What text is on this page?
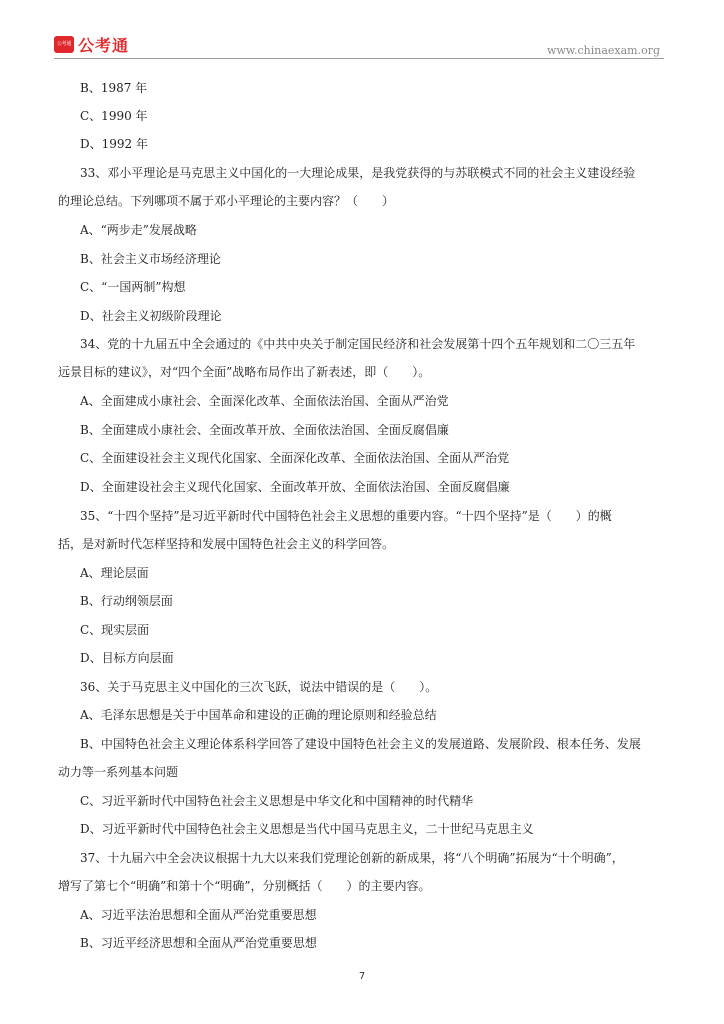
公考通 公考通	www.chinaexam.org
B、1987 年
C、1990 年
D、1992 年
33、邓小平理论是马克思主义中国化的一大理论成果，是我党获得的与苏联模式不同的社会主义建设经验
的理论总结。下列哪项不属于邓小平理论的主要内容？（　　）
A、“两步走”发展战略
B、社会主义市场经济理论
C、“一国两制”构想
D、社会主义初级阶段理论
34、党的十九届五中全会通过的《中共中央关于制定国民经济和社会发展第十四个五年规划和二〇三五年
远景目标的建议》，对“四个全面”战略布局作出了新表述，即（　　）。
A、全面建成小康社会、全面深化改革、全面依法治国、全面从严治党
B、全面建成小康社会、全面改革开放、全面依法治国、全面反腐倡廉
C、全面建设社会主义现代化国家、全面深化改革、全面依法治国、全面从严治党
D、全面建设社会主义现代化国家、全面改革开放、全面依法治国、全面反腐倡廉
35、“十四个坚持”是习近平新时代中国特色社会主义思想的重要内容。“十四个坚持”是（　　）的概
括，是对新时代怎样坚持和发展中国特色社会主义的科学回答。
A、理论层面
B、行动纲领层面
C、现实层面
D、目标方向层面
36、关于马克思主义中国化的三次飞跃，说法中错误的是（　　）。
A、毛泽东思想是关于中国革命和建设的正确的理论原则和经验总结
B、中国特色社会主义理论体系科学回答了建设中国特色社会主义的发展道路、发展阶段、根本任务、发展
动力等一系列基本问题
C、习近平新时代中国特色社会主义思想是中华文化和中国精神的时代精华
D、习近平新时代中国特色社会主义思想是当代中国马克思主义，二十世纪马克思主义
37、十九届六中全会决议根据十九大以来我们党理论创新的新成果，将“八个明确”拓展为“十个明确”，
增写了第七个“明确”和第十个“明确”，分别概括（　　）的主要内容。
A、习近平法治思想和全面从严治党重要思想
B、习近平经济思想和全面从严治党重要思想
7
